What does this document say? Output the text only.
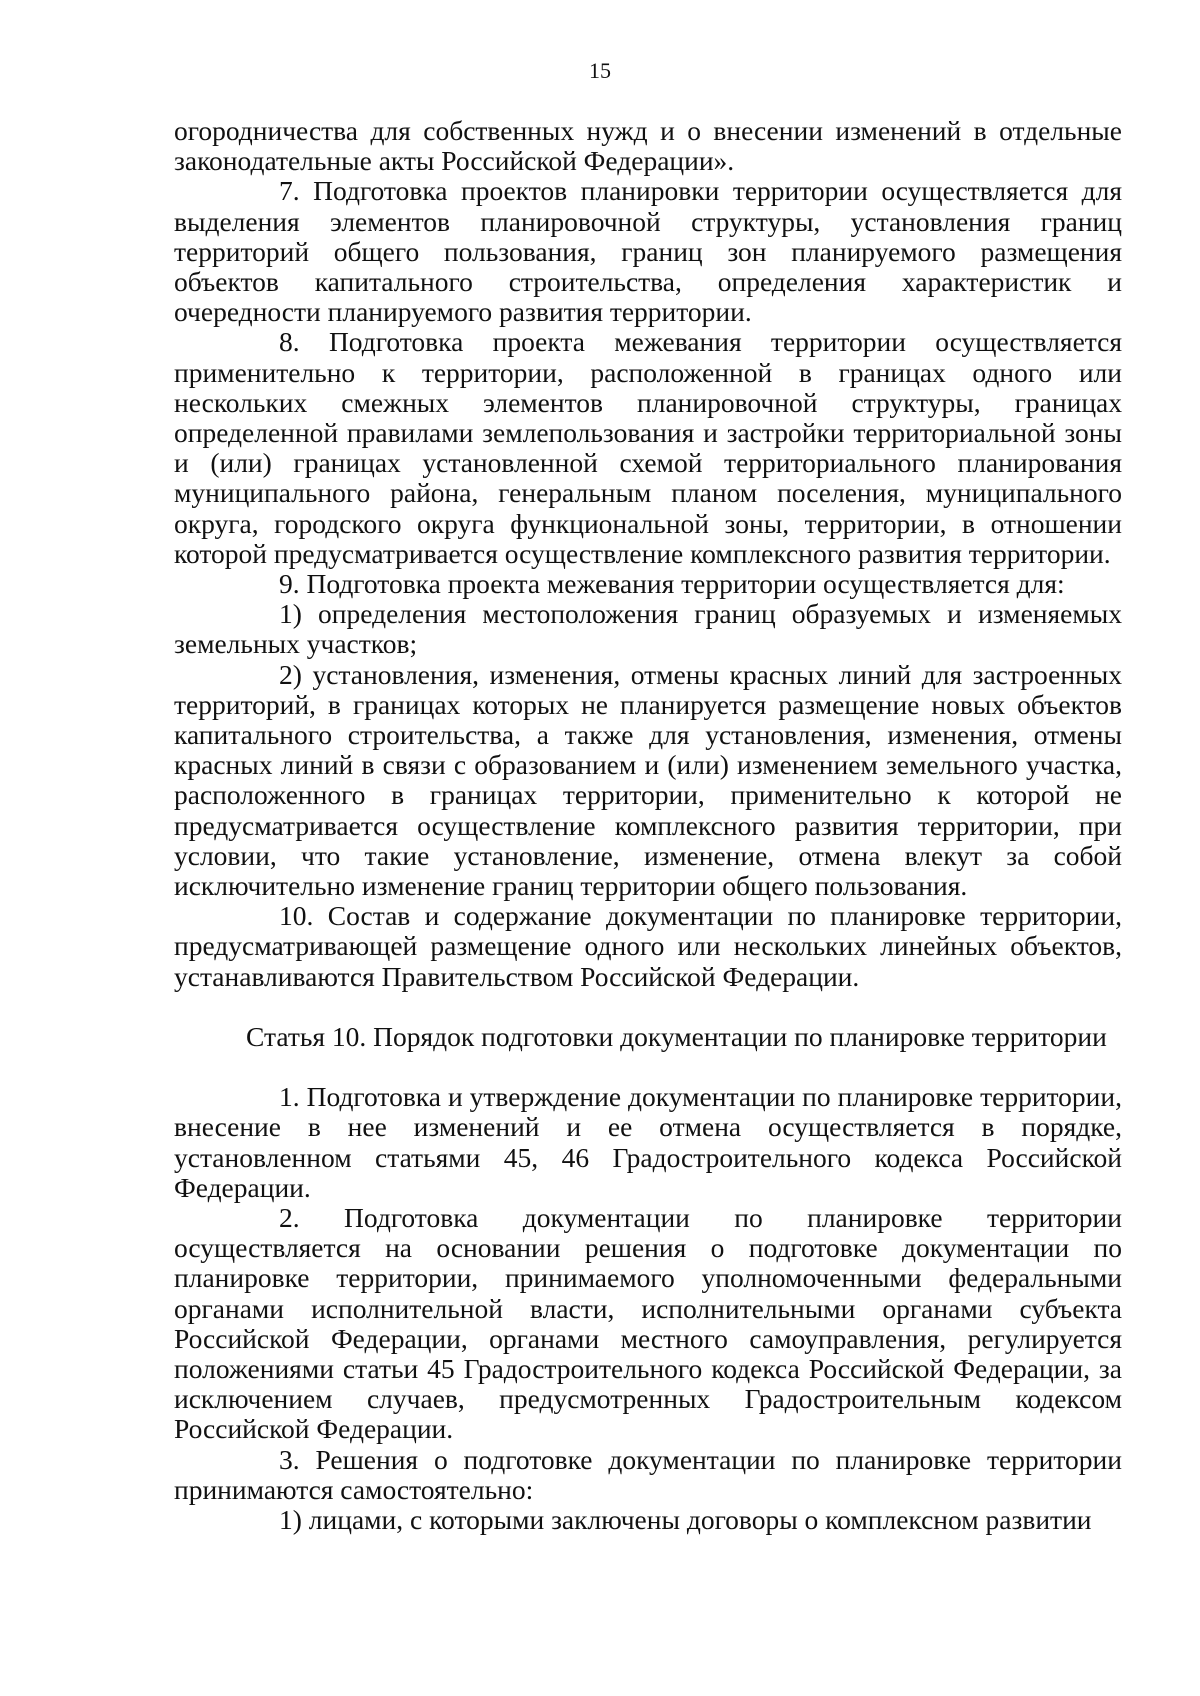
15

огородничества для собственных нужд и о внесении изменений в отдельные законодательные акты Российской Федерации».

7. Подготовка проектов планировки территории осуществляется для выделения элементов планировочной структуры, установления границ территорий общего пользования, границ зон планируемого размещения объектов капитального строительства, определения характеристик и очередности планируемого развития территории.

8. Подготовка проекта межевания территории осуществляется применительно к территории, расположенной в границах одного или нескольких смежных элементов планировочной структуры, границах определенной правилами землепользования и застройки территориальной зоны и (или) границах установленной схемой территориального планирования муниципального района, генеральным планом поселения, муниципального округа, городского округа функциональной зоны, территории, в отношении которой предусматривается осуществление комплексного развития территории.

9. Подготовка проекта межевания территории осуществляется для:

1) определения местоположения границ образуемых и изменяемых земельных участков;

2) установления, изменения, отмены красных линий для застроенных территорий, в границах которых не планируется размещение новых объектов капитального строительства, а также для установления, изменения, отмены красных линий в связи с образованием и (или) изменением земельного участка, расположенного в границах территории, применительно к которой не предусматривается осуществление комплексного развития территории, при условии, что такие установление, изменение, отмена влекут за собой исключительно изменение границ территории общего пользования.

10. Состав и содержание документации по планировке территории, предусматривающей размещение одного или нескольких линейных объектов, устанавливаются Правительством Российской Федерации.

Статья 10. Порядок подготовки документации по планировке территории

1. Подготовка и утверждение документации по планировке территории, внесение в нее изменений и ее отмена осуществляется в порядке, установленном статьями 45, 46 Градостроительного кодекса Российской Федерации.

2. Подготовка документации по планировке территории осуществляется на основании решения о подготовке документации по планировке территории, принимаемого уполномоченными федеральными органами исполнительной власти, исполнительными органами субъекта Российской Федерации, органами местного самоуправления, регулируется положениями статьи 45 Градостроительного кодекса Российской Федерации, за исключением случаев, предусмотренных Градостроительным кодексом Российской Федерации.

3. Решения о подготовке документации по планировке территории принимаются самостоятельно:

1) лицами, с которыми заключены договоры о комплексном развитии
